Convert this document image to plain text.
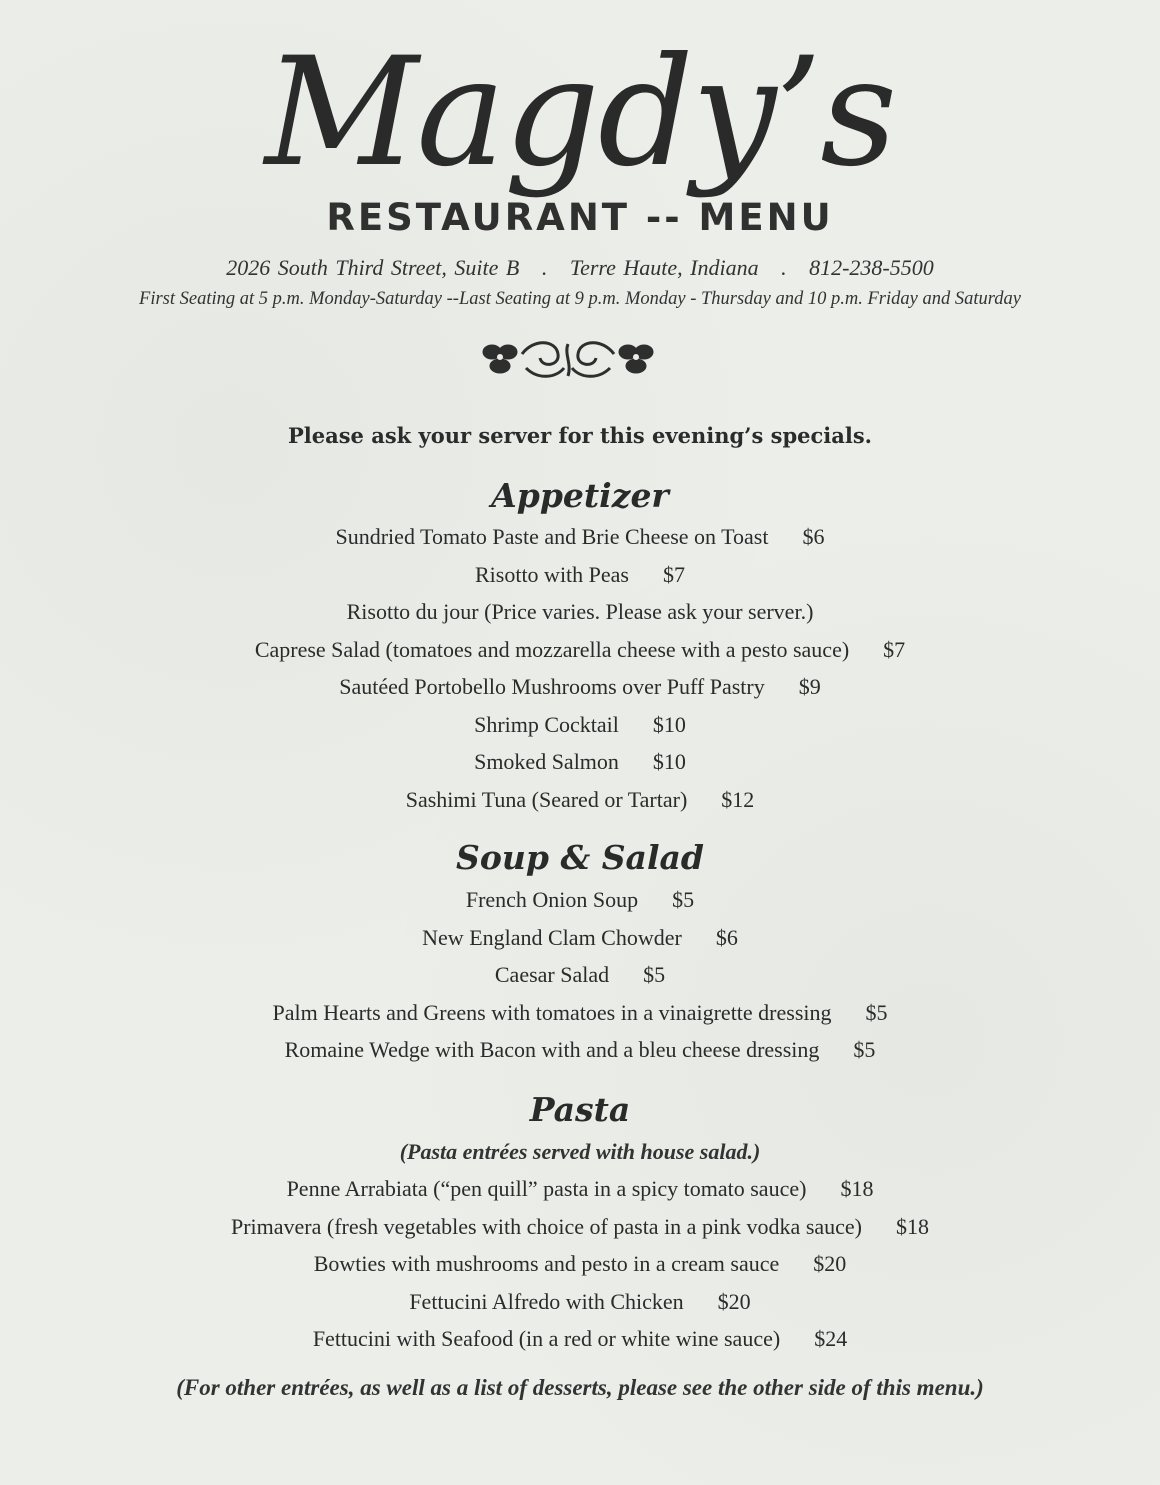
Magdy’s
RESTAURANT -- MENU
2026 South Third Street, Suite B   .   Terre Haute, Indiana   .   812-238-5500
First Seating at 5 p.m. Monday-Saturday --Last Seating at 9 p.m. Monday - Thursday and 10 p.m. Friday and Saturday
Please ask your server for this evening’s specials.
Appetizer
Sundried Tomato Paste and Brie Cheese on Toast $6
Risotto with Peas $7
Risotto du jour (Price varies. Please ask your server.)
Caprese Salad (tomatoes and mozzarella cheese with a pesto sauce) $7
Sautéed Portobello Mushrooms over Puff Pastry $9
Shrimp Cocktail $10
Smoked Salmon $10
Sashimi Tuna (Seared or Tartar) $12
Soup & Salad
French Onion Soup $5
New England Clam Chowder $6
Caesar Salad $5
Palm Hearts and Greens with tomatoes in a vinaigrette dressing $5
Romaine Wedge with Bacon with and a bleu cheese dressing $5
Pasta
(Pasta entrées served with house salad.)
Penne Arrabiata (“pen quill” pasta in a spicy tomato sauce) $18
Primavera (fresh vegetables with choice of pasta in a pink vodka sauce) $18
Bowties with mushrooms and pesto in a cream sauce $20
Fettucini Alfredo with Chicken $20
Fettucini with Seafood (in a red or white wine sauce) $24
(For other entrées, as well as a list of desserts, please see the other side of this menu.)
